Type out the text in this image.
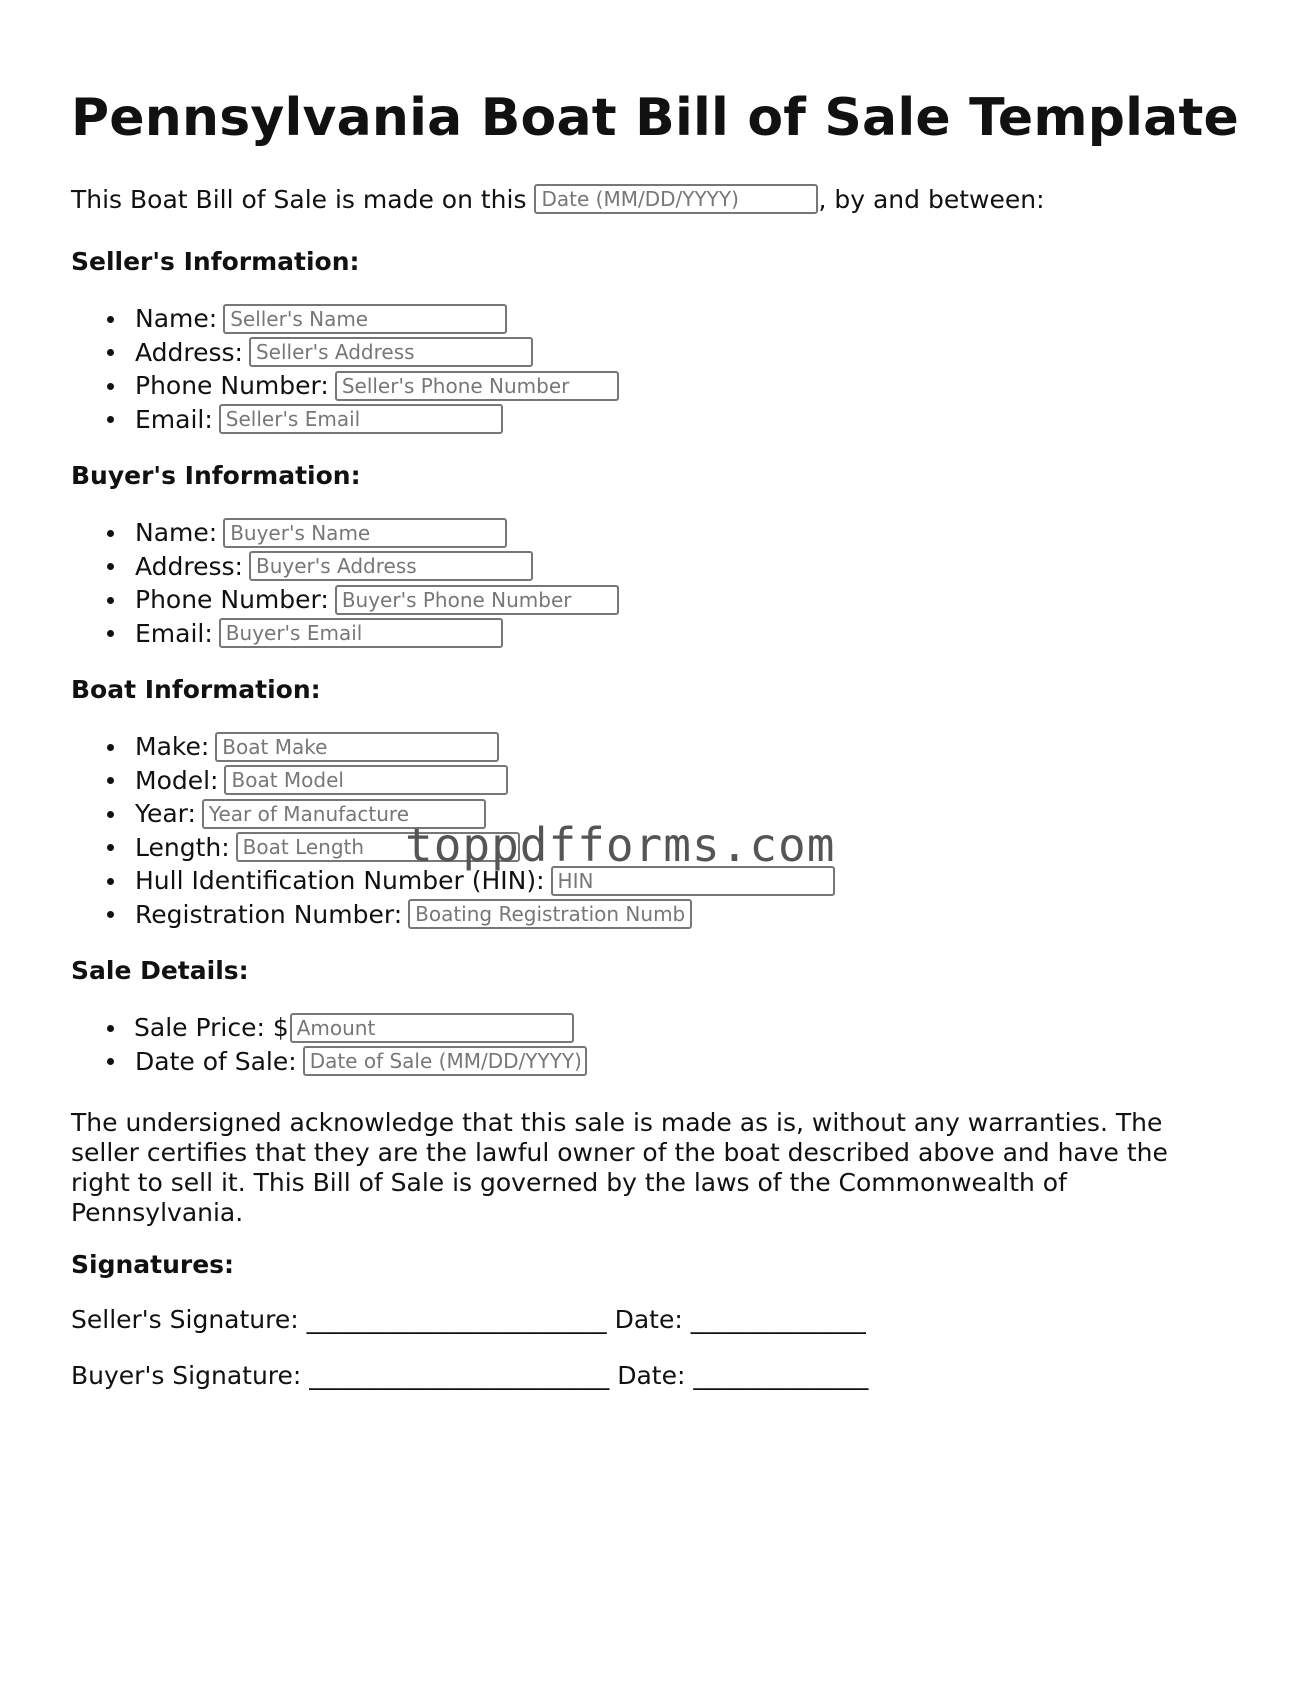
Pennsylvania Boat Bill of Sale Template
This Boat Bill of Sale is made on this
Date (MM/DD/YYYY)	, by and between:
Seller's Information:
Name:
Seller's Name
Address:
Seller's Address
Phone Number:
Seller's Phone Number
Email:
Seller's Email
Buyer's Information:
Name:
Buyer's Name
Address:
Buyer's Address
Phone Number:
Buyer's Phone Number
Email:
Buyer's Email
Boat Information:
Make:
Boat Make
Model:
Boat Model
Year:
Year of Manufacture
Length:
Boat Length
Hull Identification Number (HIN):
HIN
Registration Number:
Boating Registration Number
Sale Details:
Sale Price: $
Amount
Date of Sale:
Date of Sale (MM/DD/YYYY)

The undersigned acknowledge that this sale is made as is, without any warranties. The seller certifies that they are the lawful owner of the boat described above and have the right to sell it. This Bill of Sale is governed by the laws of the Commonwealth of Pennsylvania.

Signatures:
Seller's Signature: ________________________ Date: ______________
Buyer's Signature: ________________________ Date: ______________
toppdfforms.com
